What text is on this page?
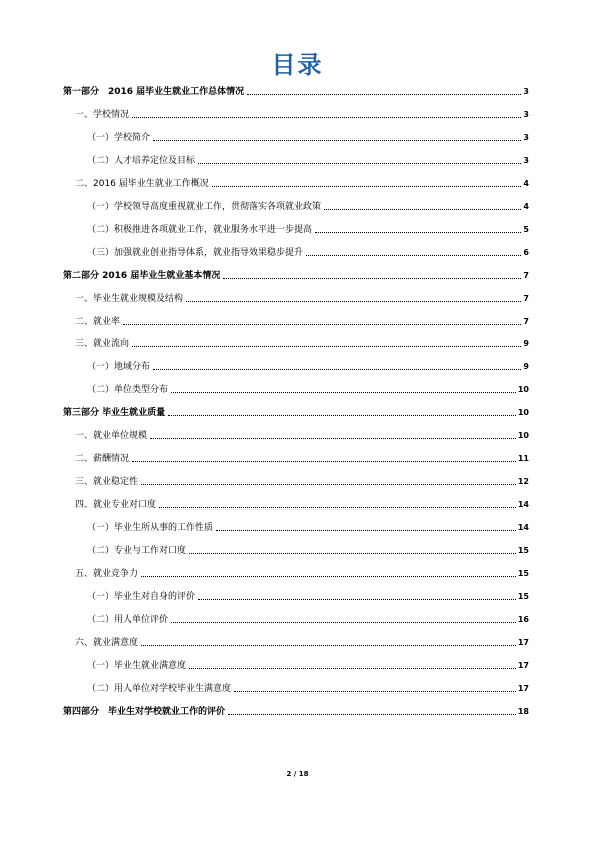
目录
第一部分　2016 届毕业生就业工作总体情况	3
一、学校情况	3
（一）学校简介	3
（二）人才培养定位及目标	3
二、2016 届毕业生就业工作概况	4
（一）学校领导高度重视就业工作，贯彻落实各项就业政策	4
（二）积极推进各项就业工作，就业服务水平进一步提高	5
（三）加强就业创业指导体系，就业指导效果稳步提升	6
第二部分 2016 届毕业生就业基本情况	7
一、毕业生就业规模及结构	7
二、就业率	7
三、就业流向	9
（一）地域分布	9
（二）单位类型分布	10
第三部分 毕业生就业质量	10
一、就业单位规模	10
二、薪酬情况	11
三、就业稳定性	12
四、就业专业对口度	14
（一）毕业生所从事的工作性质	14
（二）专业与工作对口度	15
五、就业竞争力	15
（一）毕业生对自身的评价	15
（二）用人单位评价	16
六、就业满意度	17
（一）毕业生就业满意度	17
（二）用人单位对学校毕业生满意度	17
第四部分　毕业生对学校就业工作的评价	18
2 / 18
